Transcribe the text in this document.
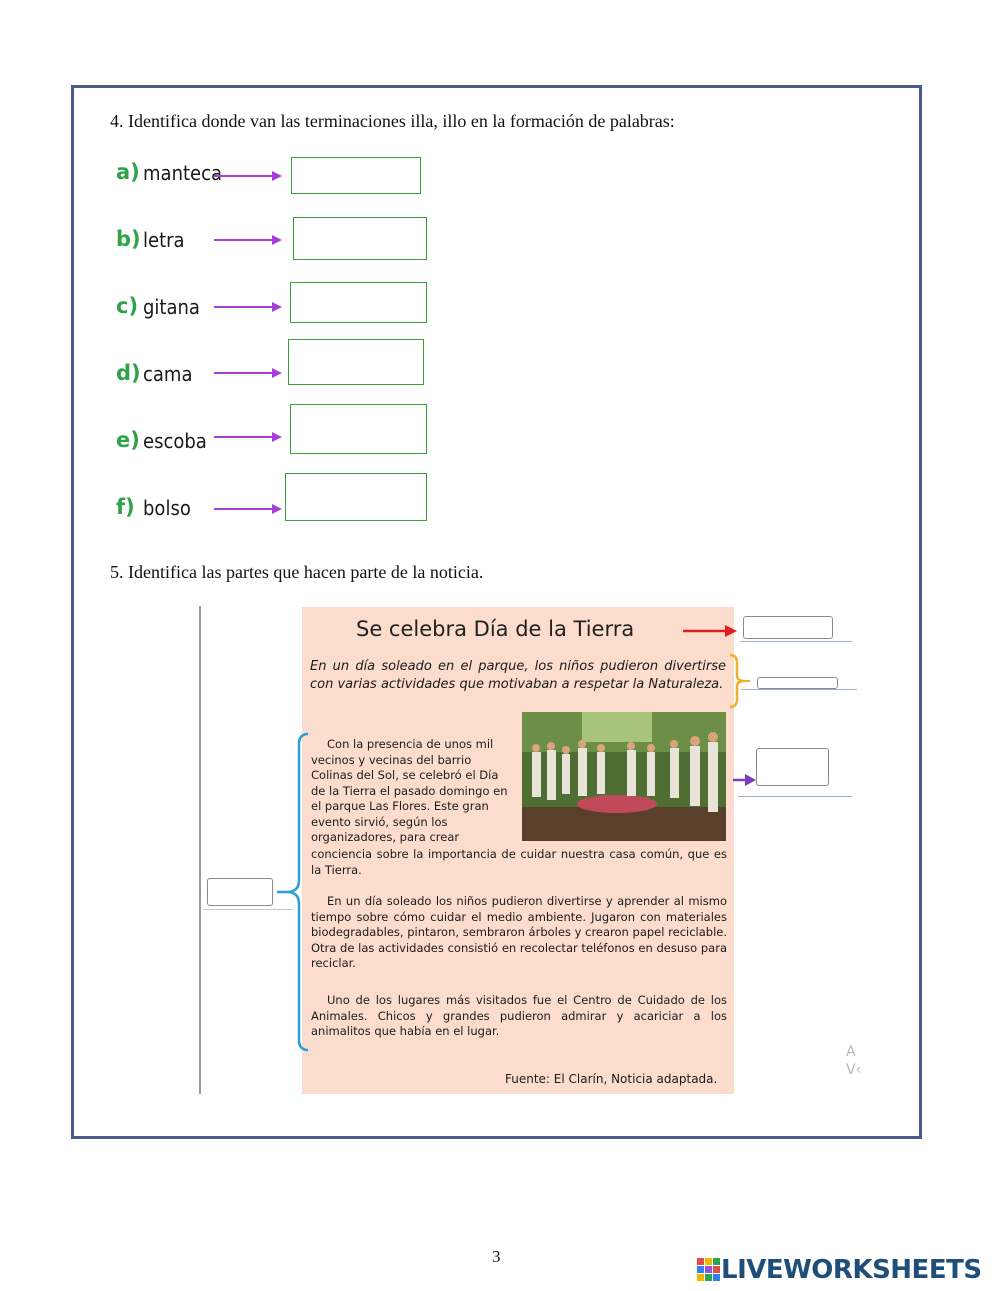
4. Identifica donde van las terminaciones illa, illo en la formación de palabras:
a) manteca
b) letra
c) gitana
d) cama
e) escoba
f) bolso
5. Identifica las partes que hacen parte de la noticia.
Se celebra Día de la Tierra
En un día soleado en el parque, los niños pudieron divertirse con varias actividades que motivaban a respetar la Naturaleza.
Con la presencia de unos mil vecinos y vecinas del barrio Colinas del Sol, se celebró el Día de la Tierra el pasado domingo en el parque Las Flores. Este gran evento sirvió, según los organizadores, para crear
conciencia sobre la importancia de cuidar nuestra casa común, que es la Tierra.
En un día soleado los niños pudieron divertirse y aprender al mismo tiempo sobre cómo cuidar el medio ambiente. Jugaron con materiales biodegradables, pintaron, sembraron árboles y crearon papel reciclable. Otra de las actividades consistió en recolectar teléfonos en desuso para reciclar.
Uno de los lugares más visitados fue el Centro de Cuidado de los Animales. Chicos y grandes pudieron admirar y acariciar a los animalitos que había en el lugar.
Fuente: El Clarín, Noticia adaptada.
A
V‹
3	LIVEWORKSHEETS
